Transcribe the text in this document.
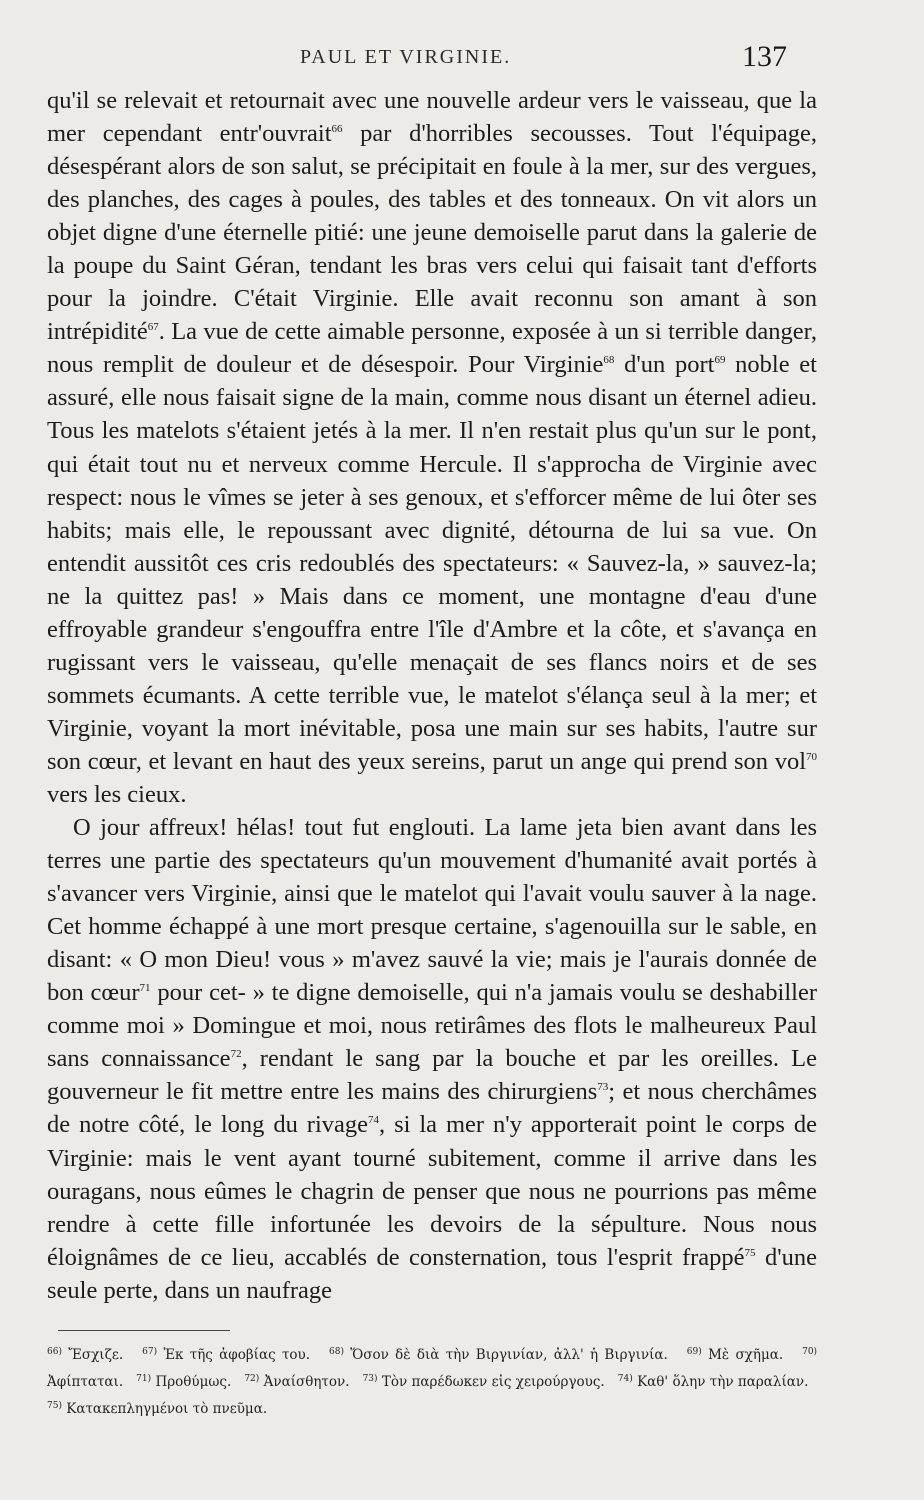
PAUL ET VIRGINIE.	137

qu'il se relevait et retournait avec une nouvelle ardeur vers le vaisseau, que la mer cependant entr'ouvrait$^{66}$ par d'horribles secousses. Tout l'équipage, désespérant alors de son salut, se précipitait en foule à la mer, sur des vergues, des planches, des cages à poules, des tables et des tonneaux. On vit alors un objet digne d'une éternelle pitié: une jeune demoiselle parut dans la galerie de la poupe du Saint Géran, tendant les bras vers celui qui faisait tant d'efforts pour la joindre. C'était Virginie. Elle avait reconnu son amant à son intrépidité$^{67}$. La vue de cette aimable personne, exposée à un si terrible danger, nous remplit de douleur et de désespoir. Pour Virginie$^{68}$ d'un port$^{69}$ noble et assuré, elle nous faisait signe de la main, comme nous disant un éternel adieu. Tous les matelots s'étaient jetés à la mer. Il n'en restait plus qu'un sur le pont, qui était tout nu et nerveux comme Hercule. Il s'approcha de Virginie avec respect: nous le vîmes se jeter à ses genoux, et s'efforcer même de lui ôter ses habits; mais elle, le repoussant avec dignité, détourna de lui sa vue. On entendit aussitôt ces cris redoublés des spectateurs: « Sauvez-la, » sauvez-la; ne la quittez pas! » Mais dans ce moment, une montagne d'eau d'une effroyable grandeur s'engouffra entre l'île d'Ambre et la côte, et s'avança en rugissant vers le vaisseau, qu'elle menaçait de ses flancs noirs et de ses sommets écumants. A cette terrible vue, le matelot s'élança seul à la mer; et Virginie, voyant la mort inévitable, posa une main sur ses habits, l'autre sur son cœur, et levant en haut des yeux sereins, parut un ange qui prend son vol$^{70}$ vers les cieux.

O jour affreux! hélas! tout fut englouti. La lame jeta bien avant dans les terres une partie des spectateurs qu'un mouvement d'humanité avait portés à s'avancer vers Virginie, ainsi que le matelot qui l'avait voulu sauver à la nage. Cet homme échappé à une mort presque certaine, s'agenouilla sur le sable, en disant: « O mon Dieu! vous » m'avez sauvé la vie; mais je l'aurais donnée de bon cœur$^{71}$ pour cet- » te digne demoiselle, qui n'a jamais voulu se deshabiller comme moi » Domingue et moi, nous retirâmes des flots le malheureux Paul sans connaissance$^{72}$, rendant le sang par la bouche et par les oreilles. Le gouverneur le fit mettre entre les mains des chirurgiens$^{73}$; et nous cherchâmes de notre côté, le long du rivage$^{74}$, si la mer n'y apporterait point le corps de Virginie: mais le vent ayant tourné subitement, comme il arrive dans les ouragans, nous eûmes le chagrin de penser que nous ne pourrions pas même rendre à cette fille infortunée les devoirs de la sépulture. Nous nous éloignâmes de ce lieu, accablés de consternation, tous l'esprit frappé$^{75}$ d'une seule perte, dans un naufrage

$^{66)}$ Ἔσχιζε. $^{67)}$ Ἐκ τῆς ἀφοβίας του. $^{68)}$ Ὅσον δὲ διὰ τὴν Βιργινίαν, ἀλλ' ἡ Βιργινία. $^{69)}$ Μὲ σχῆμα. $^{70)}$ Ἀφίπταται. $^{71)}$ Προθύμως. $^{72)}$ Ἀναίσθητον. $^{73)}$ Τὸν παρέδωκεν εἰς χειρούργους. $^{74)}$ Καθ' ὅλην τὴν παραλίαν.   $^{75)}$ Κατακεπληγμένοι τὸ πνεῦμα.
